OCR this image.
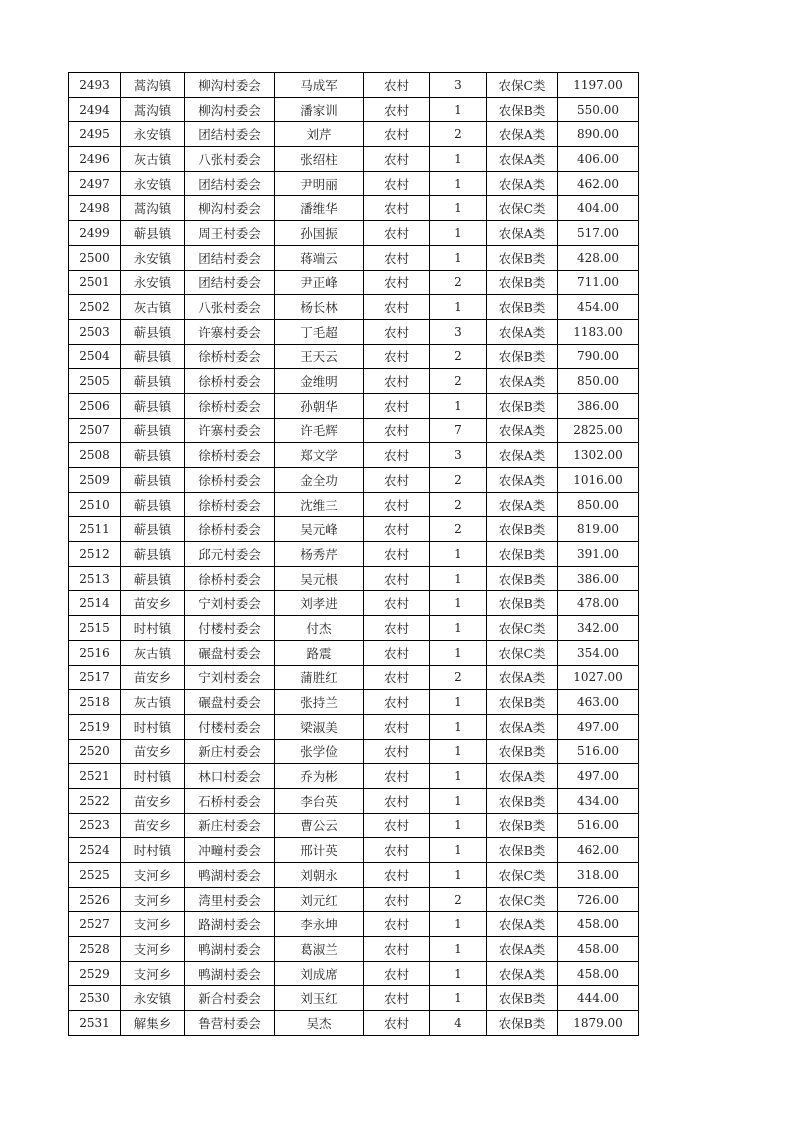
2493	蒿沟镇	柳沟村委会	马成军	农村	3	农保C类	1197.00
2494	蒿沟镇	柳沟村委会	潘家训	农村	1	农保B类	550.00
2495	永安镇	团结村委会	刘芹	农村	2	农保A类	890.00
2496	灰古镇	八张村委会	张绍柱	农村	1	农保A类	406.00
2497	永安镇	团结村委会	尹明丽	农村	1	农保A类	462.00
2498	蒿沟镇	柳沟村委会	潘维华	农村	1	农保C类	404.00
2499	蕲县镇	周王村委会	孙国振	农村	1	农保A类	517.00
2500	永安镇	团结村委会	蒋端云	农村	1	农保B类	428.00
2501	永安镇	团结村委会	尹正峰	农村	2	农保B类	711.00
2502	灰古镇	八张村委会	杨长林	农村	1	农保B类	454.00
2503	蕲县镇	许寨村委会	丁毛超	农村	3	农保A类	1183.00
2504	蕲县镇	徐桥村委会	王天云	农村	2	农保B类	790.00
2505	蕲县镇	徐桥村委会	金维明	农村	2	农保A类	850.00
2506	蕲县镇	徐桥村委会	孙朝华	农村	1	农保B类	386.00
2507	蕲县镇	许寨村委会	许毛辉	农村	7	农保A类	2825.00
2508	蕲县镇	徐桥村委会	郑文学	农村	3	农保A类	1302.00
2509	蕲县镇	徐桥村委会	金全功	农村	2	农保A类	1016.00
2510	蕲县镇	徐桥村委会	沈维三	农村	2	农保A类	850.00
2511	蕲县镇	徐桥村委会	吴元峰	农村	2	农保B类	819.00
2512	蕲县镇	邱元村委会	杨秀芹	农村	1	农保B类	391.00
2513	蕲县镇	徐桥村委会	吴元根	农村	1	农保B类	386.00
2514	苗安乡	宁刘村委会	刘孝进	农村	1	农保B类	478.00
2515	时村镇	付楼村委会	付杰	农村	1	农保C类	342.00
2516	灰古镇	碾盘村委会	路震	农村	1	农保C类	354.00
2517	苗安乡	宁刘村委会	蒲胜红	农村	2	农保A类	1027.00
2518	灰古镇	碾盘村委会	张持兰	农村	1	农保B类	463.00
2519	时村镇	付楼村委会	梁淑美	农村	1	农保A类	497.00
2520	苗安乡	新庄村委会	张学俭	农村	1	农保B类	516.00
2521	时村镇	林口村委会	乔为彬	农村	1	农保A类	497.00
2522	苗安乡	石桥村委会	李台英	农村	1	农保B类	434.00
2523	苗安乡	新庄村委会	曹公云	农村	1	农保B类	516.00
2524	时村镇	冲疃村委会	邢计英	农村	1	农保B类	462.00
2525	支河乡	鸭湖村委会	刘朝永	农村	1	农保C类	318.00
2526	支河乡	湾里村委会	刘元红	农村	2	农保C类	726.00
2527	支河乡	路湖村委会	李永坤	农村	1	农保A类	458.00
2528	支河乡	鸭湖村委会	葛淑兰	农村	1	农保A类	458.00
2529	支河乡	鸭湖村委会	刘成席	农村	1	农保A类	458.00
2530	永安镇	新合村委会	刘玉红	农村	1	农保B类	444.00
2531	解集乡	鲁营村委会	吴杰	农村	4	农保B类	1879.00
